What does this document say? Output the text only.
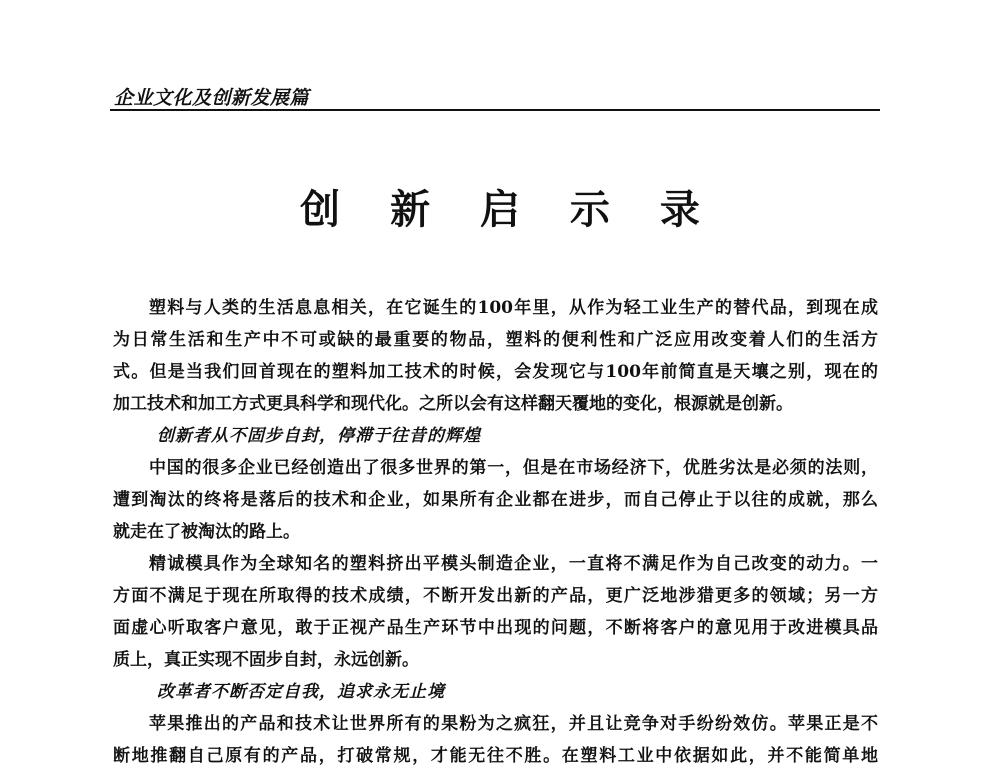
企业文化及创新发展篇
创 新 启 示 录
塑料与人类的生活息息相关，在它诞生的100年里，从作为轻工业生产的替代品，到现在成
为日常生活和生产中不可或缺的最重要的物品，塑料的便利性和广泛应用改变着人们的生活方
式。但是当我们回首现在的塑料加工技术的时候，会发现它与100年前简直是天壤之别，现在的
加工技术和加工方式更具科学和现代化。之所以会有这样翻天覆地的变化，根源就是创新。
创新者从不固步自封，停滞于往昔的辉煌
中国的很多企业已经创造出了很多世界的第一，但是在市场经济下，优胜劣汰是必须的法则，
遭到淘汰的终将是落后的技术和企业，如果所有企业都在进步，而自己停止于以往的成就，那么
就走在了被淘汰的路上。
精诚模具作为全球知名的塑料挤出平模头制造企业，一直将不满足作为自己改变的动力。一
方面不满足于现在所取得的技术成绩，不断开发出新的产品，更广泛地涉猎更多的领域；另一方
面虚心听取客户意见，敢于正视产品生产环节中出现的问题，不断将客户的意见用于改进模具品
质上，真正实现不固步自封，永远创新。
改革者不断否定自我，追求永无止境
苹果推出的产品和技术让世界所有的果粉为之疯狂，并且让竞争对手纷纷效仿。苹果正是不
断地推翻自己原有的产品，打破常规，才能无往不胜。在塑料工业中依据如此，并不能简单地
